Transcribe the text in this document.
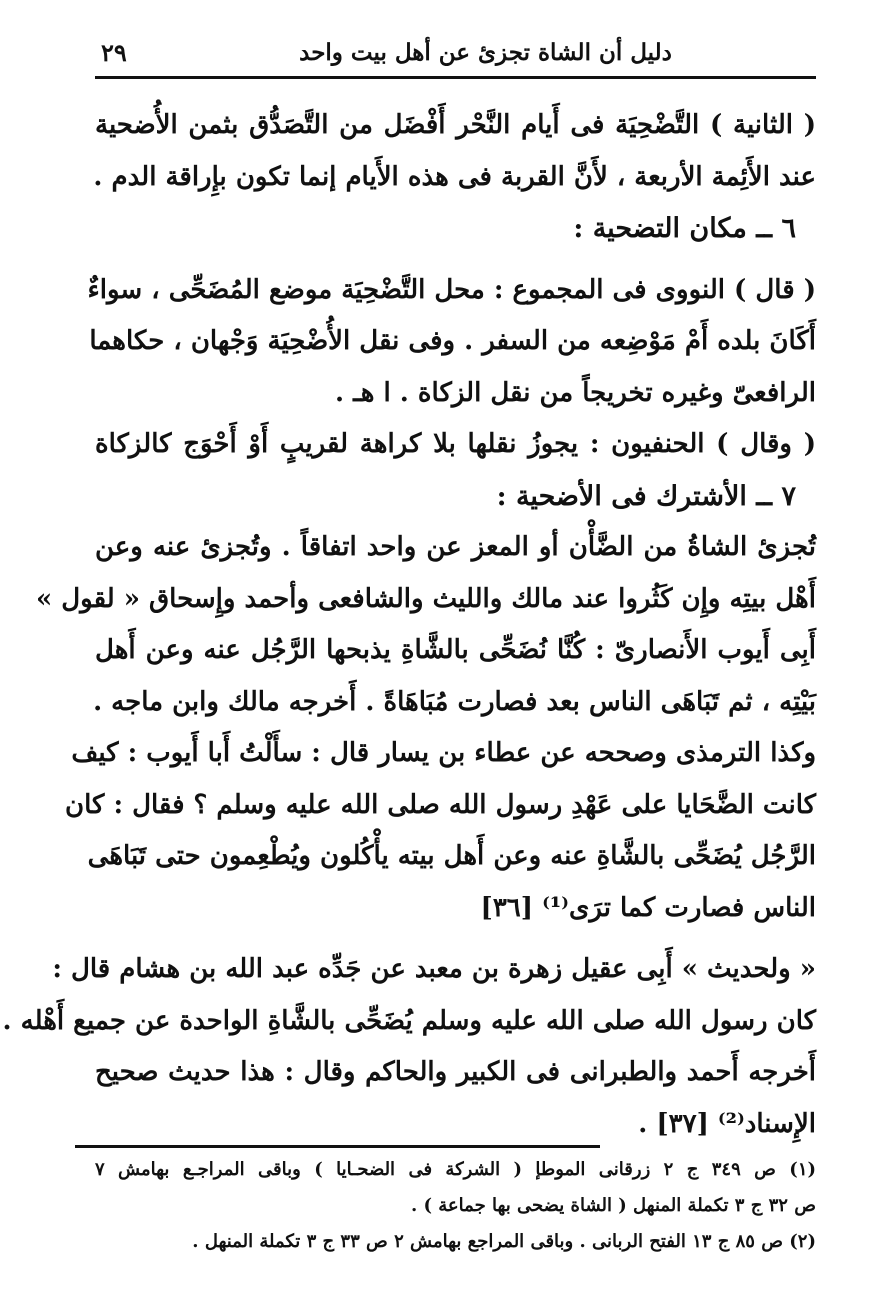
دليل أن الشاة تجزئ عن أهل بيت واحد
٢٩
( الثانية ) التَّضْحِيَة فى أَيام النَّحْر أَفْضَل من التَّصَدُّق بثمن الأُضحية
عند الأَئِمة الأربعة ، لأَنَّ القربة فى هذه الأَيام إنما تكون بإِراقة الدم .
٦ ــ مكان التضحية :
( قال ) النووى فى المجموع : محل التَّضْحِيَة موضع المُضَحِّى ، سواءٌ
أَكَانَ بلده أَمْ مَوْضِعه من السفر . وفى نقل الأُضْحِيَة وَجْهان ، حكاهما
الرافعىّ وغيره تخريجاً من نقل الزكاة . ا هـ .
( وقال ) الحنفيون : يجوزُ نقلها بلا كراهة لقريبٍ أَوْ أَحْوَج كالزكاة
٧ ــ الأشترك فى الأضحية :
تُجزئ الشاةُ من الضَّأْن أو المعز عن واحد اتفاقاً . وتُجزئ عنه وعن
أَهْل بيتِه وإِن كَثُروا عند مالك والليث والشافعى وأحمد وإِسحاق « لقول »
أَبِى أَيوب الأَنصارىّ : كُنَّا نُضَحِّى بالشَّاةِ يذبحها الرَّجُل عنه وعن أَهل
بَيْتِه ، ثم تَبَاهَى الناس بعد فصارت مُبَاهَاةً . أَخرجه مالك وابن ماجه .
وكذا الترمذى وصححه عن عطاء بن يسار قال : سأَلْتُ أَبا أَيوب : كيف
كانت الضَّحَايا على عَهْدِ رسول الله صلى الله عليه وسلم ؟ فقال : كان
الرَّجُل يُضَحِّى بالشَّاةِ عنه وعن أَهل بيته يأْكُلون ويُطْعِمون حتى تَبَاهَى
الناس فصارت كما ترَى⁽¹⁾ [٣٦]
« ولحديث » أَبِى عقيل زهرة بن معبد عن جَدِّه عبد الله بن هشام قال :
كان رسول الله صلى الله عليه وسلم يُضَحِّى بالشَّاةِ الواحدة عن جميع أَهْله .
أَخرجه أَحمد والطبرانى فى الكبير والحاكم وقال : هذا حديث صحيح
الإِسناد⁽²⁾ [٣٧] .
(١) ص ٣٤٩ ج ٢ زرقانى الموطإ ( الشركة فى الضحـايا ) وباقى المراجـع بهامش ٧
ص ٣٢ ج ٣ تكملة المنهل ( الشاة يضحى بها جماعة ) .
(٢) ص ٨٥ ج ١٣ الفتح الربانى . وباقى المراجع بهامش ٢ ص ٣٣ ج ٣ تكملة المنهل .
